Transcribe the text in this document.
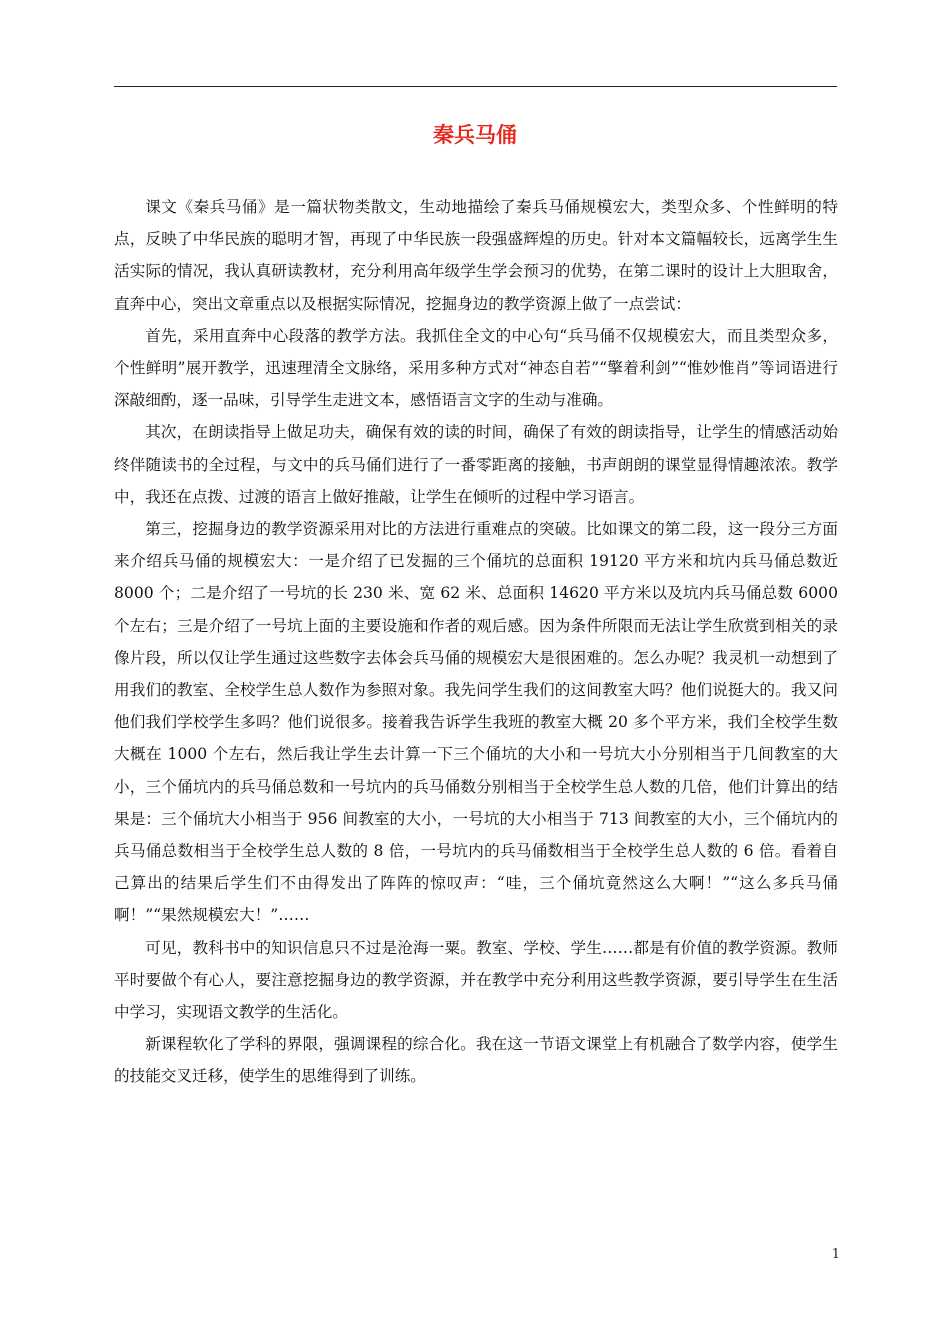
秦兵马俑

课文《秦兵马俑》是一篇状物类散文，生动地描绘了秦兵马俑规模宏大，类型众多、个性鲜明的特点，反映了中华民族的聪明才智，再现了中华民族一段强盛辉煌的历史。针对本文篇幅较长，远离学生生活实际的情况，我认真研读教材，充分利用高年级学生学会预习的优势，在第二课时的设计上大胆取舍，直奔中心，突出文章重点以及根据实际情况，挖掘身边的教学资源上做了一点尝试：

首先，采用直奔中心段落的教学方法。我抓住全文的中心句“兵马俑不仅规模宏大，而且类型众多，个性鲜明”展开教学，迅速理清全文脉络，采用多种方式对“神态自若”“擎着利剑”“惟妙惟肖”等词语进行深敲细酌，逐一品味，引导学生走进文本，感悟语言文字的生动与准确。

其次，在朗读指导上做足功夫，确保有效的读的时间，确保了有效的朗读指导，让学生的情感活动始终伴随读书的全过程，与文中的兵马俑们进行了一番零距离的接触，书声朗朗的课堂显得情趣浓浓。教学中，我还在点拨、过渡的语言上做好推敲，让学生在倾听的过程中学习语言。

第三，挖掘身边的教学资源采用对比的方法进行重难点的突破。比如课文的第二段，这一段分三方面来介绍兵马俑的规模宏大：一是介绍了已发掘的三个俑坑的总面积 19120 平方米和坑内兵马俑总数近 8000 个；二是介绍了一号坑的长 230 米、宽 62 米、总面积 14620 平方米以及坑内兵马俑总数 6000 个左右；三是介绍了一号坑上面的主要设施和作者的观后感。因为条件所限而无法让学生欣赏到相关的录像片段，所以仅让学生通过这些数字去体会兵马俑的规模宏大是很困难的。怎么办呢？我灵机一动想到了用我们的教室、全校学生总人数作为参照对象。我先问学生我们的这间教室大吗？他们说挺大的。我又问他们我们学校学生多吗？他们说很多。接着我告诉学生我班的教室大概 20 多个平方米，我们全校学生数大概在 1000 个左右，然后我让学生去计算一下三个俑坑的大小和一号坑大小分别相当于几间教室的大小，三个俑坑内的兵马俑总数和一号坑内的兵马俑数分别相当于全校学生总人数的几倍，他们计算出的结果是：三个俑坑大小相当于 956 间教室的大小，一号坑的大小相当于 713 间教室的大小，三个俑坑内的兵马俑总数相当于全校学生总人数的 8 倍，一号坑内的兵马俑数相当于全校学生总人数的 6 倍。看着自己算出的结果后学生们不由得发出了阵阵的惊叹声：“哇，三个俑坑竟然这么大啊！”“这么多兵马俑啊！”“果然规模宏大！”……

可见，教科书中的知识信息只不过是沧海一粟。教室、学校、学生……都是有价值的教学资源。教师平时要做个有心人，要注意挖掘身边的教学资源，并在教学中充分利用这些教学资源，要引导学生在生活中学习，实现语文教学的生活化。

新课程软化了学科的界限，强调课程的综合化。我在这一节语文课堂上有机融合了数学内容，使学生的技能交叉迁移，使学生的思维得到了训练。

1
